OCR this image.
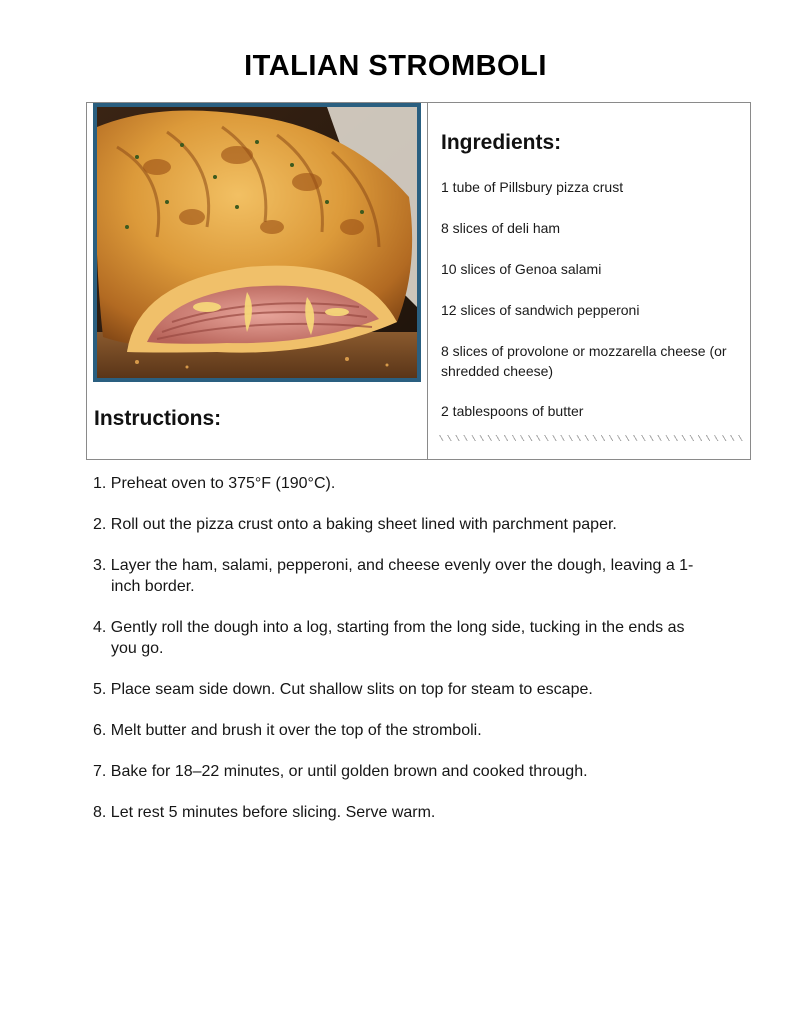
ITALIAN STROMBOLI
Instructions:
Ingredients:
1 tube of Pillsbury pizza crust
8 slices of deli ham
10 slices of Genoa salami
12 slices of sandwich pepperoni
8 slices of provolone or mozzarella cheese (or shredded cheese)
2 tablespoons of butter
1. Preheat oven to 375°F (190°C).
2. Roll out the pizza crust onto a baking sheet lined with parchment paper.
3. Layer the ham, salami, pepperoni, and cheese evenly over the dough, leaving a 1-inch border.
4. Gently roll the dough into a log, starting from the long side, tucking in the ends as you go.
5. Place seam side down. Cut shallow slits on top for steam to escape.
6. Melt butter and brush it over the top of the stromboli.
7. Bake for 18–22 minutes, or until golden brown and cooked through.
8. Let rest 5 minutes before slicing. Serve warm.
